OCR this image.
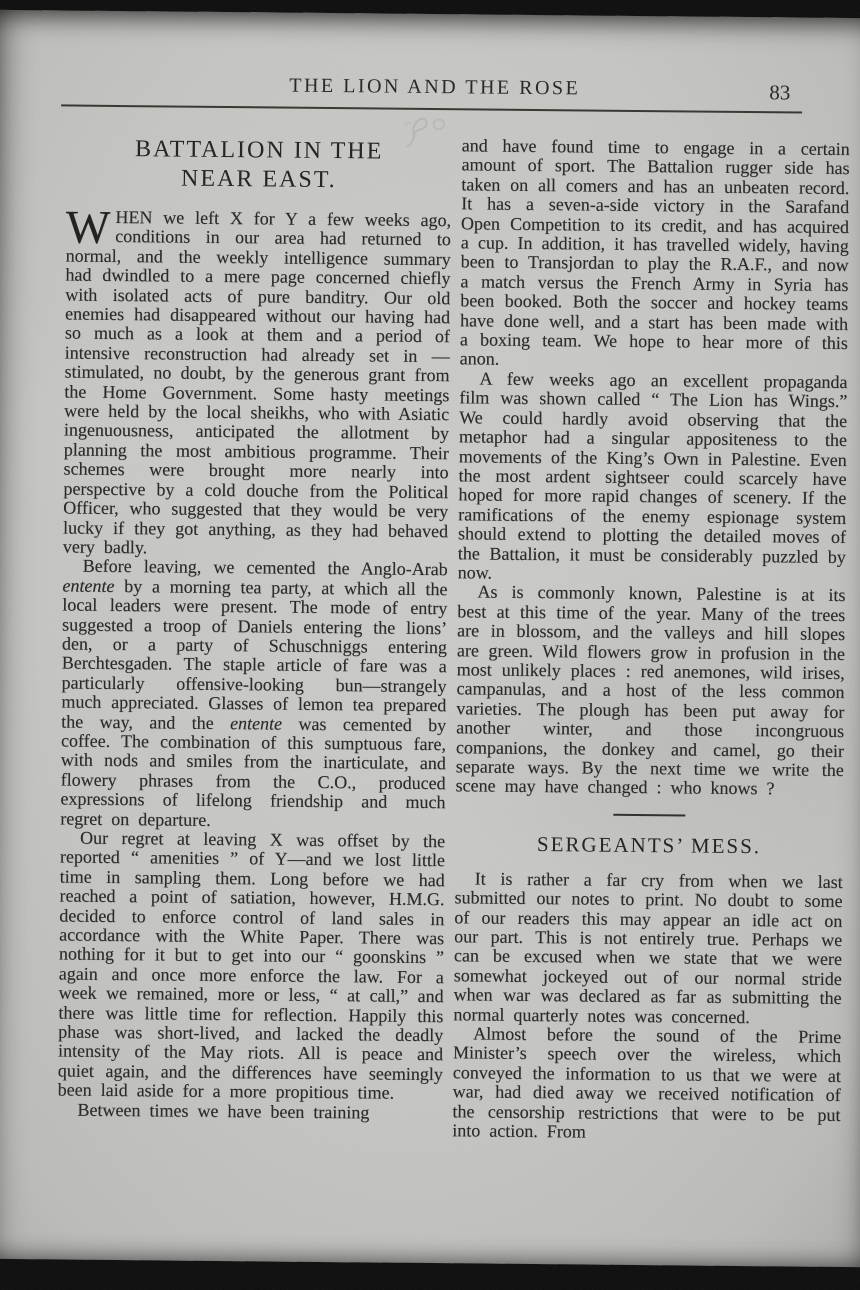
THE LION AND THE ROSE	83
BATTALION IN THE
NEAR EAST.

WHEN we left X for Y a few weeks ago, conditions in our area had returned to normal, and the weekly intelligence summary had dwindled to a mere page concerned chiefly with isolated acts of pure banditry. Our old enemies had disappeared without our having had so much as a look at them and a period of intensive reconstruction had already set in —stimulated, no doubt, by the generous grant from the Home Government. Some hasty meetings were held by the local sheikhs, who with Asiatic ingenuousness, anticipated the allotment by planning the most ambitious programme. Their schemes were brought more nearly into perspective by a cold douche from the Political Officer, who suggested that they would be very lucky if they got anything, as they had behaved very badly.

Before leaving, we cemented the Anglo-Arab entente by a morning tea party, at which all the local leaders were present. The mode of entry suggested a troop of Daniels entering the lions’ den, or a party of Schuschniggs entering Berchtesgaden. The staple article of fare was a particularly offensive-looking bun—strangely much appreciated. Glasses of lemon tea prepared the way, and the entente was cemented by coffee. The combination of this sumptuous fare, with nods and smiles from the inarticulate, and flowery phrases from the C.O., produced expressions of lifelong friendship and much regret on departure.

Our regret at leaving X was offset by the reported “ amenities ” of Y—and we lost little time in sampling them. Long before we had reached a point of satiation, however, H.M.G. decided to enforce control of land sales in accordance with the White Paper. There was nothing for it but to get into our “ goonskins ” again and once more enforce the law. For a week we remained, more or less, “ at call,” and there was little time for reflection. Happily this phase was short-lived, and lacked the deadly intensity of the May riots. All is peace and quiet again, and the differences have seemingly been laid aside for a more propitious time.

Between times we have been training

and have found time to engage in a certain amount of sport. The Battalion rugger side has taken on all comers and has an unbeaten record. It has a seven-a-side victory in the Sarafand Open Competition to its credit, and has acquired a cup. In addition, it has travelled widely, having been to Transjordan to play the R.A.F., and now a match versus the French Army in Syria has been booked. Both the soccer and hockey teams have done well, and a start has been made with a boxing team. We hope to hear more of this anon.

A few weeks ago an excellent propaganda film was shown called “ The Lion has Wings.” We could hardly avoid observing that the metaphor had a singular appositeness to the movements of the King’s Own in Palestine. Even the most ardent sightseer could scarcely have hoped for more rapid changes of scenery. If the ramifications of the enemy espionage system should extend to plotting the detailed moves of the Battalion, it must be considerably puzzled by now.

As is commonly known, Palestine is at its best at this time of the year. Many of the trees are in blossom, and the valleys and hill slopes are green. Wild flowers grow in profusion in the most unlikely places : red anemones, wild irises, campanulas, and a host of the less common varieties. The plough has been put away for another winter, and those incongruous companions, the donkey and camel, go their separate ways. By the next time we write the scene may have changed : who knows ?

SERGEANTS’ MESS.

It is rather a far cry from when we last submitted our notes to print. No doubt to some of our readers this may appear an idle act on our part. This is not entirely true. Perhaps we can be excused when we state that we were somewhat jockeyed out of our normal stride when war was declared as far as submitting the normal quarterly notes was concerned.

Almost before the sound of the Prime Minister’s speech over the wireless, which conveyed the information to us that we were at war, had died away we received notification of the censorship restrictions that were to be put into action. From
